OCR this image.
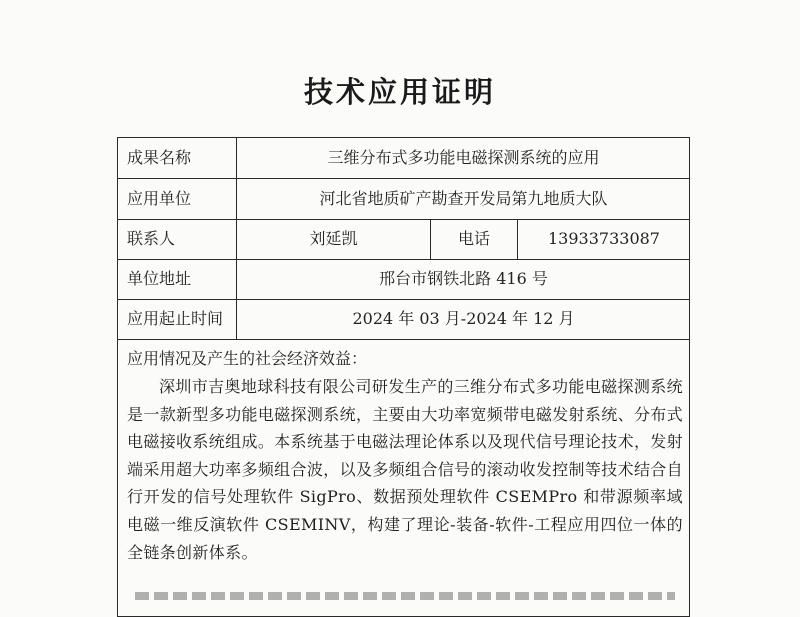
技术应用证明
成果名称	三维分布式多功能电磁探测系统的应用
应用单位	河北省地质矿产勘查开发局第九地质大队
联系人	刘延凯	电话	13933733087
单位地址	邢台市钢铁北路 416 号
应用起止时间	2024 年 03 月-2024 年 12 月
应用情况及产生的社会经济效益：
深圳市吉奥地球科技有限公司研发生产的三维分布式多功能电磁探测系统是一款新型多功能电磁探测系统，主要由大功率宽频带电磁发射系统、分布式电磁接收系统组成。本系统基于电磁法理论体系以及现代信号理论技术，发射端采用超大功率多频组合波，以及多频组合信号的滚动收发控制等技术结合自行开发的信号处理软件 SigPro、数据预处理软件 CSEMPro 和带源频率域电磁一维反演软件 CSEMINV，构建了理论-装备-软件-工程应用四位一体的全链条创新体系。
